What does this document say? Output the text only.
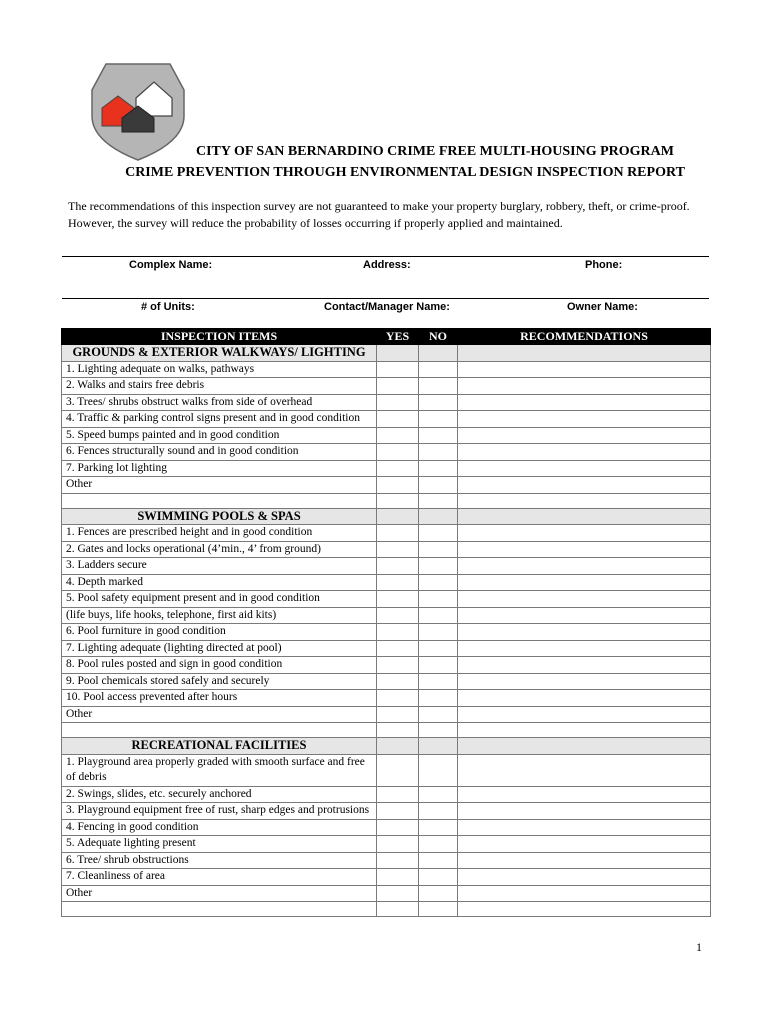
CITY OF SAN BERNARDINO CRIME FREE MULTI-HOUSING PROGRAM
CRIME PREVENTION THROUGH ENVIRONMENTAL DESIGN INSPECTION REPORT
The recommendations of this inspection survey are not guaranteed to make your property burglary, robbery, theft, or crime-proof. However, the survey will reduce the probability of losses occurring if properly applied and maintained.
Complex Name:	Address:	Phone:
# of Units:	Contact/Manager Name:	Owner Name:
INSPECTION ITEMS	YES	NO	RECOMMENDATIONS
GROUNDS & EXTERIOR WALKWAYS/ LIGHTING			
1. Lighting adequate on walks, pathways			
2. Walks and stairs free debris			
3. Trees/ shrubs obstruct walks from side of overhead			
4. Traffic & parking control signs present and in good condition			
5. Speed bumps painted and in good condition			
6. Fences structurally sound and in good condition			
7. Parking lot lighting			
Other			

SWIMMING POOLS & SPAS			
1. Fences are prescribed height and in good condition			
2. Gates and locks operational (4’min., 4’ from ground)			
3. Ladders secure			
4. Depth marked			
5. Pool safety equipment present and in good condition			
(life buys, life hooks, telephone, first aid kits)			
6. Pool furniture in good condition			
7. Lighting adequate (lighting directed at pool)			
8. Pool rules posted and sign in good condition			
9. Pool chemicals stored safely and securely			
10. Pool access prevented after hours			
Other			

RECREATIONAL FACILITIES			
1. Playground area properly graded with smooth surface and free of debris			
2. Swings, slides, etc. securely anchored			
3. Playground equipment free of rust, sharp edges and protrusions			
4. Fencing in good condition			
5. Adequate lighting present			
6. Tree/ shrub obstructions			
7. Cleanliness of area			
Other			

1
